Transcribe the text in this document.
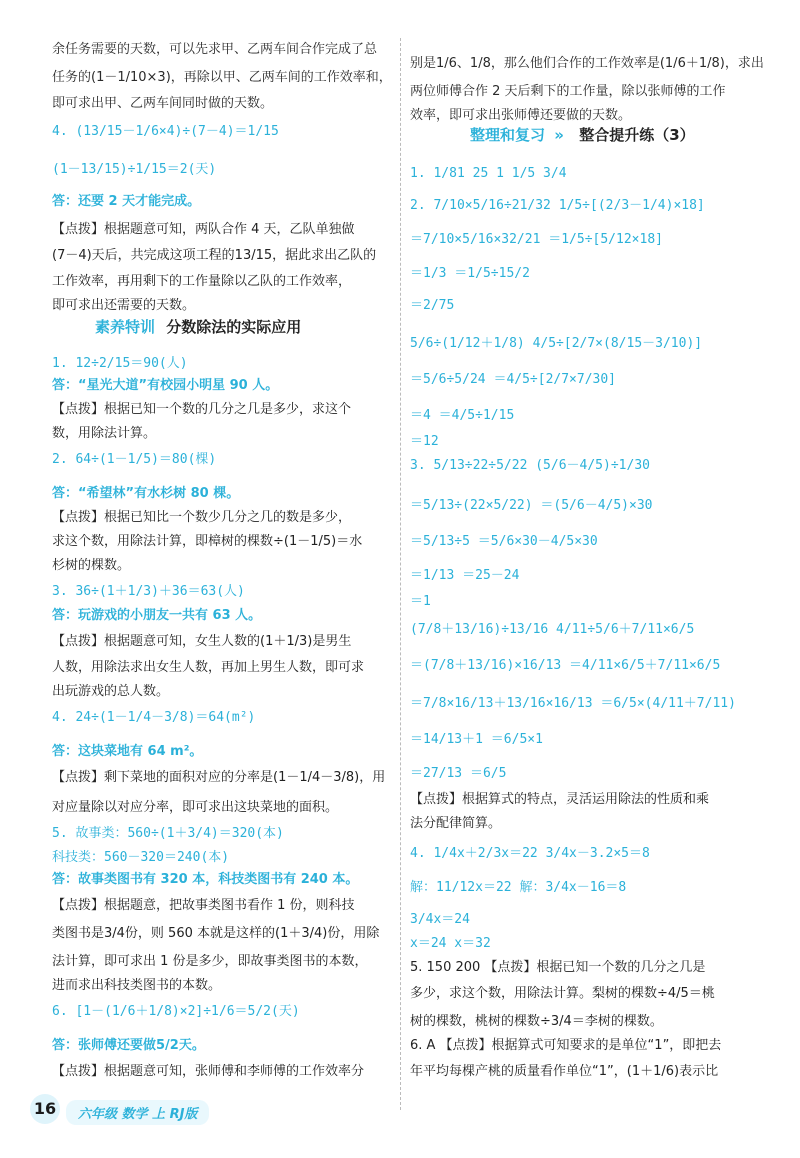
余任务需要的天数，可以先求甲、乙两车间合作完成了总
任务的(1－1/10×3)，再除以甲、乙两车间的工作效率和，
即可求出甲、乙两车间同时做的天数。
4. (13/15－1/6×4)÷(7－4)＝1/15
(1－13/15)÷1/15＝2(天)
答：还要 2 天才能完成。
【点拨】根据题意可知，两队合作 4 天，乙队单独做
(7－4)天后，共完成这项工程的13/15，据此求出乙队的
工作效率，再用剩下的工作量除以乙队的工作效率，
即可求出还需要的天数。
1. 12÷2/15＝90(人)
答：“星光大道”有校园小明星 90 人。
【点拨】根据已知一个数的几分之几是多少，求这个
数，用除法计算。
2. 64÷(1－1/5)＝80(棵)
答：“希望林”有水杉树 80 棵。
【点拨】根据已知比一个数少几分之几的数是多少，
求这个数，用除法计算，即樟树的棵数÷(1－1/5)＝水
杉树的棵数。
3. 36÷(1＋1/3)＋36＝63(人)
答：玩游戏的小朋友一共有 63 人。
【点拨】根据题意可知，女生人数的(1＋1/3)是男生
人数，用除法求出女生人数，再加上男生人数，即可求
出玩游戏的总人数。
4. 24÷(1－1/4－3/8)＝64(m²)
答：这块菜地有 64 m²。
【点拨】剩下菜地的面积对应的分率是(1－1/4－3/8)，用
对应量除以对应分率，即可求出这块菜地的面积。
5. 故事类：560÷(1＋3/4)＝320(本)
科技类：560－320＝240(本)
答：故事类图书有 320 本，科技类图书有 240 本。
【点拨】根据题意，把故事类图书看作 1 份，则科技
类图书是3/4份，则 560 本就是这样的(1＋3/4)份，用除
法计算，即可求出 1 份是多少，即故事类图书的本数，
进而求出科技类图书的本数。
6. [1－(1/6＋1/8)×2]÷1/6＝5/2(天)
答：张师傅还要做5/2天。
【点拨】根据题意可知，张师傅和李师傅的工作效率分
别是1/6、1/8，那么他们合作的工作效率是(1/6＋1/8)，求出
两位师傅合作 2 天后剩下的工作量，除以张师傅的工作
效率，即可求出张师傅还要做的天数。
1. 1/81 25 1 1/5 3/4
2. 7/10×5/16÷21/32 1/5÷[(2/3－1/4)×18]
＝7/10×5/16×32/21 ＝1/5÷[5/12×18]
＝1/3 ＝1/5÷15/2
＝2/75
5/6÷(1/12＋1/8) 4/5÷[2/7×(8/15－3/10)]
＝5/6÷5/24 ＝4/5÷[2/7×7/30]
＝4 ＝4/5÷1/15
＝12
3. 5/13÷22÷5/22 (5/6－4/5)÷1/30
＝5/13÷(22×5/22) ＝(5/6－4/5)×30
＝5/13÷5 ＝5/6×30－4/5×30
＝1/13 ＝25－24
＝1
(7/8＋13/16)÷13/16 4/11÷5/6＋7/11×6/5
＝(7/8＋13/16)×16/13 ＝4/11×6/5＋7/11×6/5
＝7/8×16/13＋13/16×16/13 ＝6/5×(4/11＋7/11)
＝14/13＋1 ＝6/5×1
＝27/13 ＝6/5
【点拨】根据算式的特点，灵活运用除法的性质和乘
法分配律简算。
4. 1/4x＋2/3x＝22 3/4x－3.2×5＝8
解：11/12x＝22 解：3/4x－16＝8
3/4x＝24
x＝24 x＝32
5. 150 200 【点拨】根据已知一个数的几分之几是
多少，求这个数，用除法计算。梨树的棵数÷4/5＝桃
树的棵数，桃树的棵数÷3/4＝李树的棵数。
6. A 【点拨】根据算式可知要求的是单位“1”，即把去
年平均每棵产桃的质量看作单位“1”，(1＋1/6)表示比
素养特训 分数除法的实际应用
整理和复习 » 整合提升练（3）
16	六年级 数学 上 RJ版
